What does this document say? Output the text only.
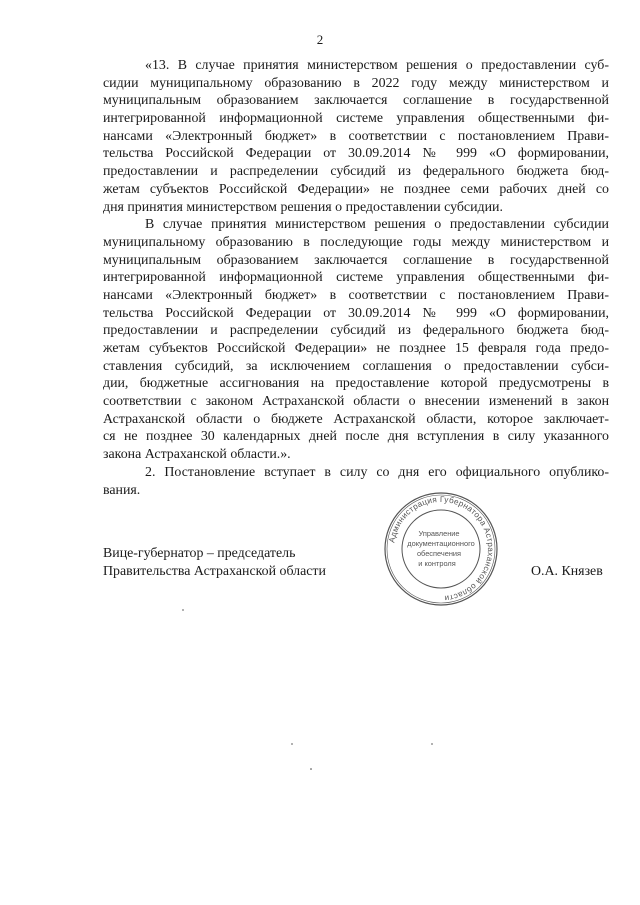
2
«13. В случае принятия министерством решения о предоставлении суб-
сидии муниципальному образованию в 2022 году между министерством и
муниципальным образованием заключается соглашение в государственной
интегрированной информационной системе управления общественными фи-
нансами «Электронный бюджет» в соответствии с постановлением Прави-
тельства Российской Федерации от 30.09.2014 № 999 «О формировании,
предоставлении и распределении субсидий из федерального бюджета бюд-
жетам субъектов Российской Федерации» не позднее семи рабочих дней со
дня принятия министерством решения о предоставлении субсидии.
В случае принятия министерством решения о предоставлении субсидии
муниципальному образованию в последующие годы между министерством и
муниципальным образованием заключается соглашение в государственной
интегрированной информационной системе управления общественными фи-
нансами «Электронный бюджет» в соответствии с постановлением Прави-
тельства Российской Федерации от 30.09.2014 № 999 «О формировании,
предоставлении и распределении субсидий из федерального бюджета бюд-
жетам субъектов Российской Федерации» не позднее 15 февраля года предо-
ставления субсидий, за исключением соглашения о предоставлении субси-
дии, бюджетные ассигнования на предоставление которой предусмотрены в
соответствии с законом Астраханской области о внесении изменений в закон
Астраханской области о бюджете Астраханской области, которое заключает-
ся не позднее 30 календарных дней после дня вступления в силу указанного
закона Астраханской области.».
2. Постановление вступает в силу со дня его официального опублико-
вания.
Вице-губернатор – председатель
Правительства Астраханской области
Администрация Губернатора Астраханской области
Управление
документационного
обеспечения
и контроля
О.А. Князев
